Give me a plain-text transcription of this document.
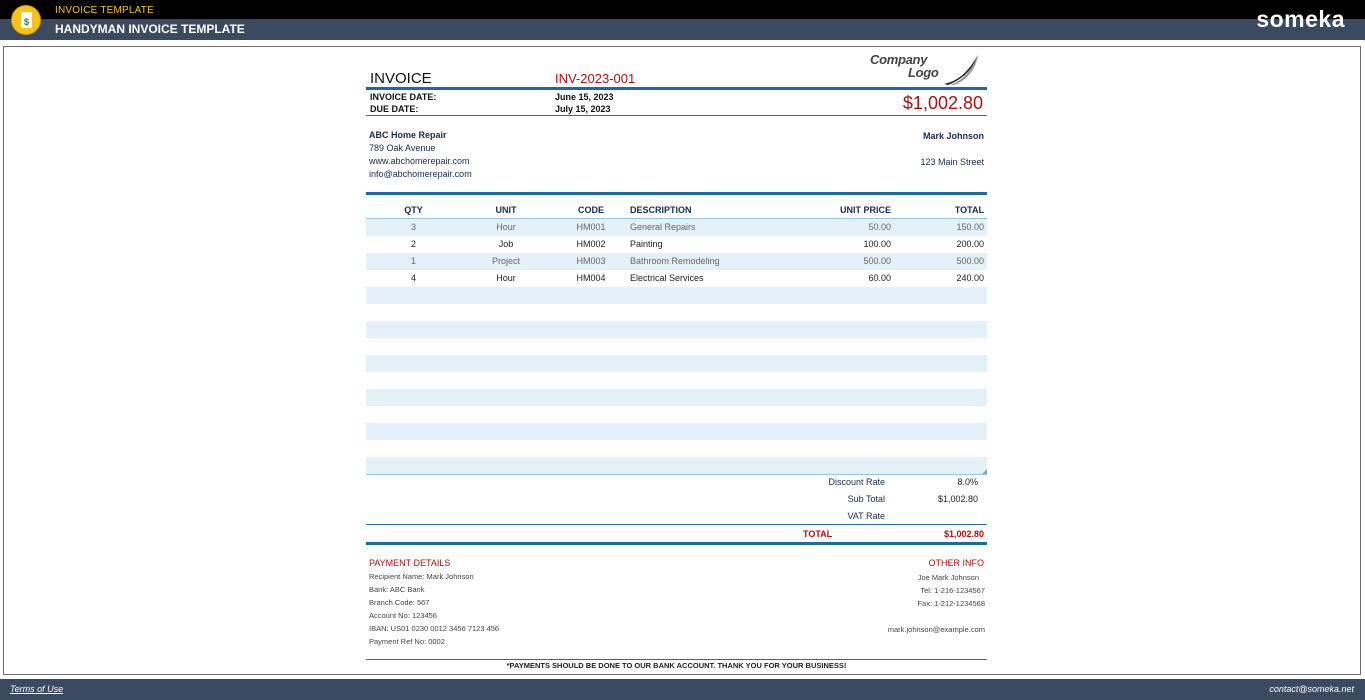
$
INVOICE TEMPLATE
HANDYMAN INVOICE TEMPLATE	someka
INVOICE	INV-2023-001
Company
Logo
INVOICE DATE:	June 15, 2023
DUE DATE:	July 15, 2023	$1,002.80
ABC Home Repair
789 Oak Avenue
www.abchomerepair.com
info@abchomerepair.com
Mark Johnson
123 Main Street
QTY	UNIT	CODE	DESCRIPTION	UNIT PRICE	TOTAL
3	Hour	HM001	General Repairs	50.00	150.00
2	Job	HM002	Painting	100.00	200.00
1	Project	HM003	Bathroom Remodeling	500.00	500.00
4	Hour	HM004	Electrical Services	60.00	240.00
Discount Rate	8.0%
Sub Total	$1,002.80
VAT Rate
TOTAL	$1,002.80
PAYMENT DETAILS
Recipient Name: Mark Johnson
Bank: ABC Bank
Branch Code: 567
Account No: 123456
IBAN: US01 0230 0012 3456 7123 456
Payment Ref No: 0002
OTHER INFO
Joe Mark Johnson
Tel: 1-216-1234567
Fax: 1-212-1234568
mark.johnson@example.com
*PAYMENTS SHOULD BE DONE TO OUR BANK ACCOUNT. THANK YOU FOR YOUR BUSINESS!
Terms of Use	contact@someka.net
